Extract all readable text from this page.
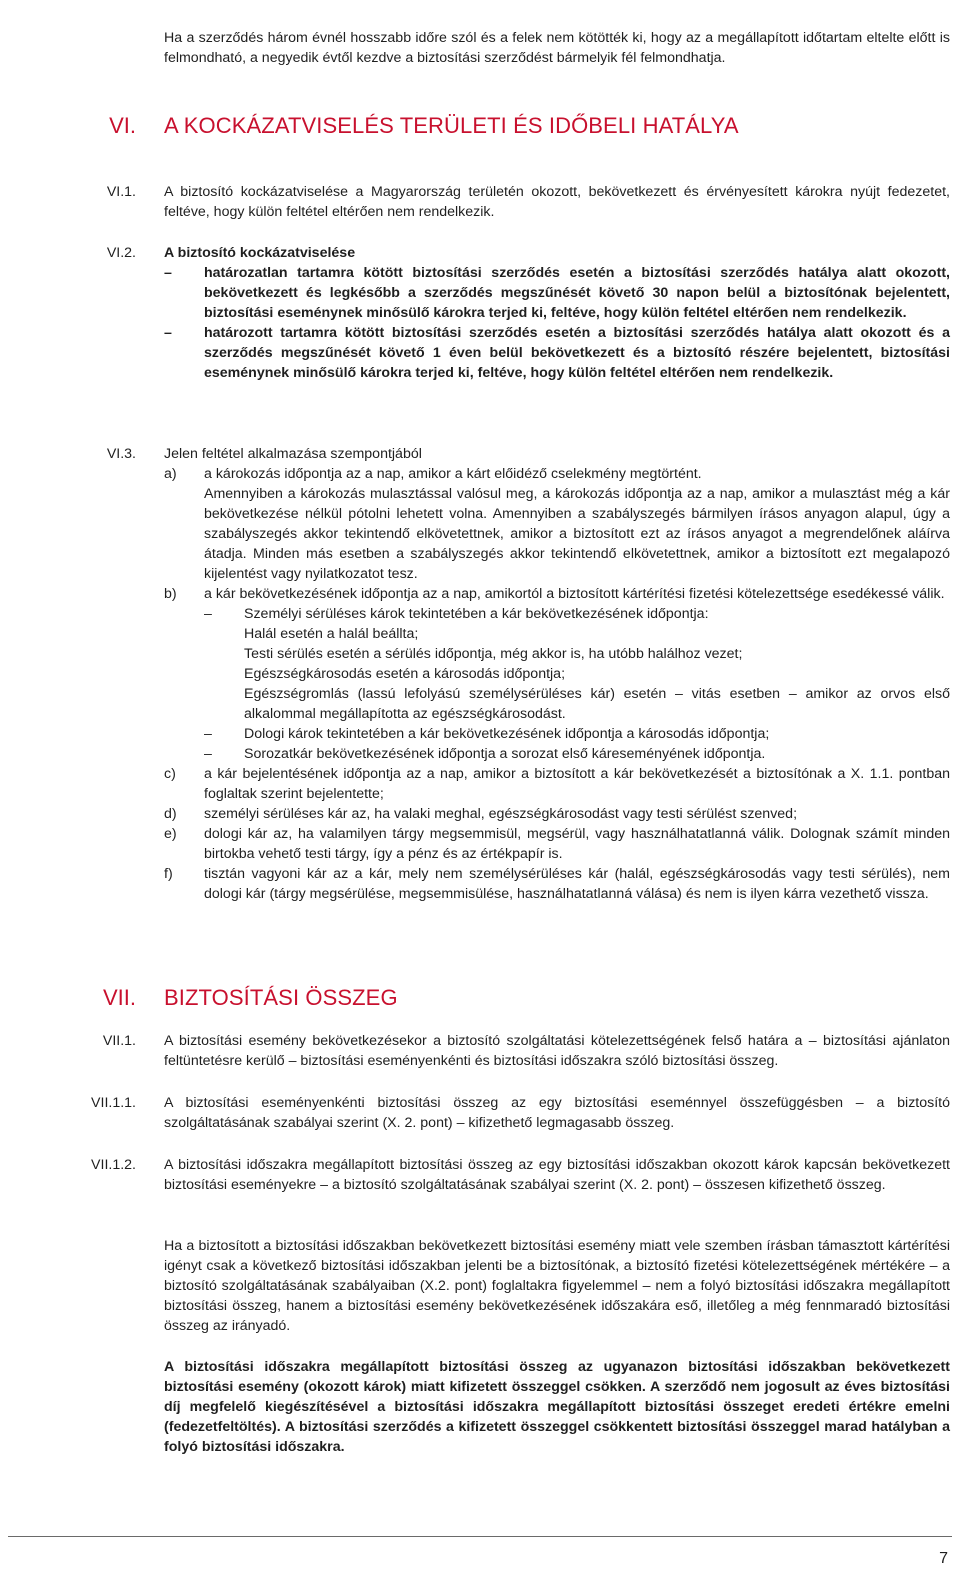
Ha a szerződés három évnél hosszabb időre szól és a felek nem kötötték ki, hogy az a megállapított időtartam eltelte előtt is felmondható, a negyedik évtől kezdve a biztosítási szerződést bármelyik fél felmondhatja.
VI. A KOCKÁZATVISELÉS TERÜLETI ÉS IDŐBELI HATÁLYA
VI.1. A biztosító kockázatviselése a Magyarország területén okozott, bekövetkezett és érvényesített károkra nyújt fedezetet, feltéve, hogy külön feltétel eltérően nem rendelkezik.
VI.2. A biztosító kockázatviselése
– határozatlan tartamra kötött biztosítási szerződés esetén a biztosítási szerződés hatálya alatt okozott, bekövetkezett és legkésőbb a szerződés megszűnését követő 30 napon belül a biztosítónak bejelentett, biztosítási eseménynek minősülő károkra terjed ki, feltéve, hogy külön feltétel eltérően nem rendelkezik.
– határozott tartamra kötött biztosítási szerződés esetén a biztosítási szerződés hatálya alatt okozott és a szerződés megszűnését követő 1 éven belül bekövetkezett és a biztosító részére bejelentett, biztosítási eseménynek minősülő károkra terjed ki, feltéve, hogy külön feltétel eltérően nem rendelkezik.
VI.3. Jelen feltétel alkalmazása szempontjából
a) a károkozás időpontja az a nap, amikor a kárt előidéző cselekmény megtörtént.
Amennyiben a károkozás mulasztással valósul meg, a károkozás időpontja az a nap, amikor a mulasztást még a kár bekövetkezése nélkül pótolni lehetett volna. Amennyiben a szabályszegés bármilyen írásos anyagon alapul, úgy a szabályszegés akkor tekintendő elkövetettnek, amikor a biztosított ezt az írásos anyagot a megrendelőnek aláírva átadja. Minden más esetben a szabályszegés akkor tekintendő elkövetettnek, amikor a biztosított ezt megalapozó kijelentést vagy nyilatkozatot tesz.
b) a kár bekövetkezésének időpontja az a nap, amikortól a biztosított kártérítési fizetési kötelezettsége esedékessé válik.
– Személyi sérüléses károk tekintetében a kár bekövetkezésének időpontja:
Halál esetén a halál beállta;
Testi sérülés esetén a sérülés időpontja, még akkor is, ha utóbb halálhoz vezet;
Egészségkárosodás esetén a károsodás időpontja;
Egészségromlás (lassú lefolyású személysérüléses kár) esetén – vitás esetben – amikor az orvos első alkalommal megállapította az egészségkárosodást.
– Dologi károk tekintetében a kár bekövetkezésének időpontja a károsodás időpontja;
– Sorozatkár bekövetkezésének időpontja a sorozat első káreseményének időpontja.
c) a kár bejelentésének időpontja az a nap, amikor a biztosított a kár bekövetkezését a biztosítónak a X. 1.1. pontban foglaltak szerint bejelentette;
d) személyi sérüléses kár az, ha valaki meghal, egészségkárosodást vagy testi sérülést szenved;
e) dologi kár az, ha valamilyen tárgy megsemmisül, megsérül, vagy használhatatlanná válik. Dolognak számít minden birtokba vehető testi tárgy, így a pénz és az értékpapír is.
f) tisztán vagyoni kár az a kár, mely nem személysérüléses kár (halál, egészségkárosodás vagy testi sérülés), nem dologi kár (tárgy megsérülése, megsemmisülése, használhatatlanná válása) és nem is ilyen kárra vezethető vissza.
VII. BIZTOSÍTÁSI ÖSSZEG
VII.1. A biztosítási esemény bekövetkezésekor a biztosító szolgáltatási kötelezettségének felső határa a – biztosítási ajánlaton feltüntetésre kerülő – biztosítási eseményenkénti és biztosítási időszakra szóló biztosítási összeg.
VII.1.1. A biztosítási eseményenkénti biztosítási összeg az egy biztosítási eseménnyel összefüggésben – a biztosító szolgáltatásának szabályai szerint (X. 2. pont) – kifizethető legmagasabb összeg.
VII.1.2. A biztosítási időszakra megállapított biztosítási összeg az egy biztosítási időszakban okozott károk kapcsán bekövetkezett biztosítási eseményekre – a biztosító szolgáltatásának szabályai szerint (X. 2. pont) – összesen kifizethető összeg.
Ha a biztosított a biztosítási időszakban bekövetkezett biztosítási esemény miatt vele szemben írásban támasztott kártérítési igényt csak a következő biztosítási időszakban jelenti be a biztosítónak, a biztosító fizetési kötelezettségének mértékére – a biztosító szolgáltatásának szabályaiban (X.2. pont) foglaltakra figyelemmel – nem a folyó biztosítási időszakra megállapított biztosítási összeg, hanem a biztosítási esemény bekövetkezésének időszakára eső, illetőleg a még fennmaradó biztosítási összeg az irányadó.
A biztosítási időszakra megállapított biztosítási összeg az ugyanazon biztosítási időszakban bekövetkezett biztosítási esemény (okozott károk) miatt kifizetett összeggel csökken. A szerződő nem jogosult az éves biztosítási díj megfelelő kiegészítésével a biztosítási időszakra megállapított biztosítási összeget eredeti értékre emelni (fedezetfeltöltés). A biztosítási szerződés a kifizetett összeggel csökkentett biztosítási összeggel marad hatályban a folyó biztosítási időszakra.
7
